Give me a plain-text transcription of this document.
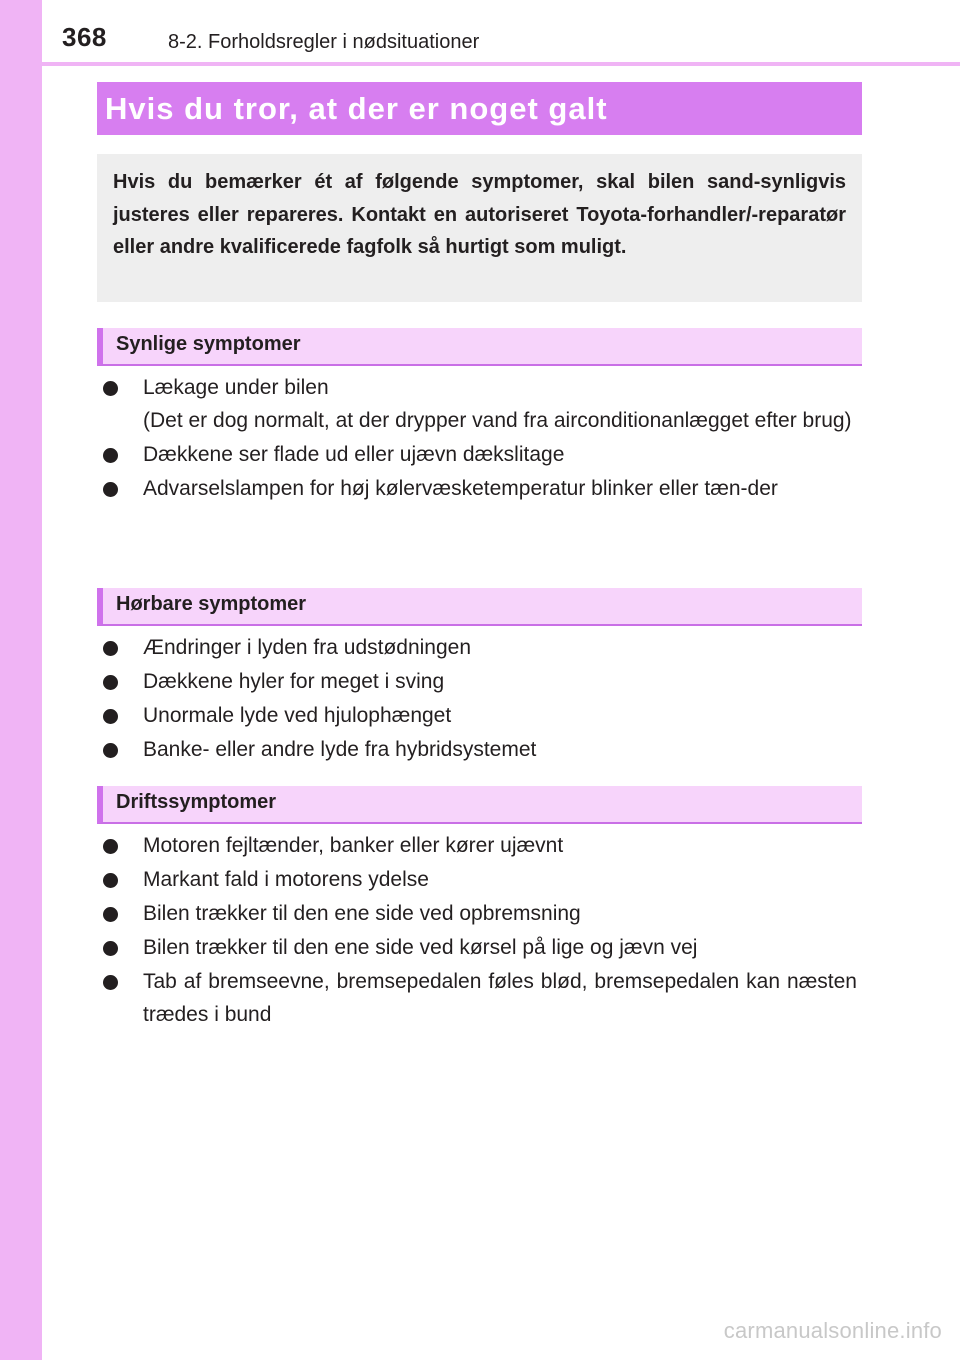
368	8-2. Forholdsregler i nødsituationer
Hvis du tror, at der er noget galt
Hvis du bemærker ét af følgende symptomer, skal bilen sand-synligvis justeres eller repareres. Kontakt en autoriseret Toyota-forhandler/-reparatør eller andre kvalificerede fagfolk så hurtigt som muligt.
Synlige symptomer
Lækage under bilen
(Det er dog normalt, at der drypper vand fra airconditionanlægget efter brug)
Dækkene ser flade ud eller ujævn dækslitage
Advarselslampen for høj kølervæsketemperatur blinker eller tæn-der
Hørbare symptomer
Ændringer i lyden fra udstødningen
Dækkene hyler for meget i sving
Unormale lyde ved hjulophænget
Banke- eller andre lyde fra hybridsystemet
Driftssymptomer
Motoren fejltænder, banker eller kører ujævnt
Markant fald i motorens ydelse
Bilen trækker til den ene side ved opbremsning
Bilen trækker til den ene side ved kørsel på lige og jævn vej
Tab af bremseevne, bremsepedalen føles blød, bremsepedalen kan næsten trædes i bund
carmanualsonline.info
